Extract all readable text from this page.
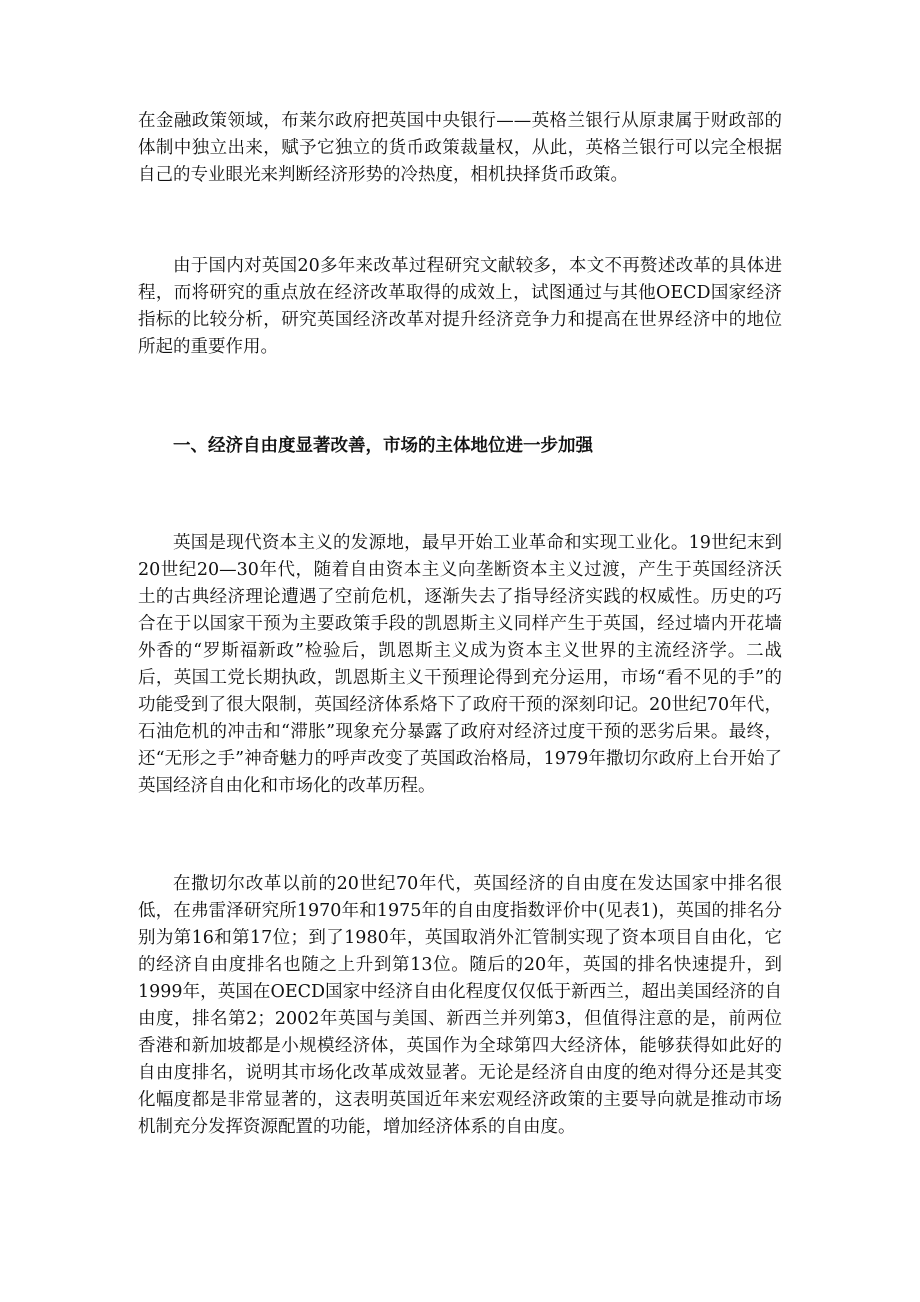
在金融政策领域，布莱尔政府把英国中央银行——英格兰银行从原隶属于财政部的体制中独立出来，赋予它独立的货币政策裁量权，从此，英格兰银行可以完全根据自己的专业眼光来判断经济形势的冷热度，相机抉择货币政策。

由于国内对英国20多年来改革过程研究文献较多，本文不再赘述改革的具体进程，而将研究的重点放在经济改革取得的成效上，试图通过与其他OECD国家经济指标的比较分析，研究英国经济改革对提升经济竞争力和提高在世界经济中的地位所起的重要作用。

一、经济自由度显著改善，市场的主体地位进一步加强

英国是现代资本主义的发源地，最早开始工业革命和实现工业化。19世纪末到20世纪20—30年代，随着自由资本主义向垄断资本主义过渡，产生于英国经济沃土的古典经济理论遭遇了空前危机，逐渐失去了指导经济实践的权威性。历史的巧合在于以国家干预为主要政策手段的凯恩斯主义同样产生于英国，经过墙内开花墙外香的“罗斯福新政”检验后，凯恩斯主义成为资本主义世界的主流经济学。二战后，英国工党长期执政，凯恩斯主义干预理论得到充分运用，市场“看不见的手”的功能受到了很大限制，英国经济体系烙下了政府干预的深刻印记。20世纪70年代，石油危机的冲击和“滞胀”现象充分暴露了政府对经济过度干预的恶劣后果。最终，还“无形之手”神奇魅力的呼声改变了英国政治格局，1979年撒切尔政府上台开始了英国经济自由化和市场化的改革历程。

在撒切尔改革以前的20世纪70年代，英国经济的自由度在发达国家中排名很低，在弗雷泽研究所1970年和1975年的自由度指数评价中(见表1)，英国的排名分别为第16和第17位；到了1980年，英国取消外汇管制实现了资本项目自由化，它的经济自由度排名也随之上升到第13位。随后的20年，英国的排名快速提升，到1999年，英国在OECD国家中经济自由化程度仅仅低于新西兰，超出美国经济的自由度，排名第2；2002年英国与美国、新西兰并列第3，但值得注意的是，前两位香港和新加坡都是小规模经济体，英国作为全球第四大经济体，能够获得如此好的自由度排名，说明其市场化改革成效显著。无论是经济自由度的绝对得分还是其变化幅度都是非常显著的，这表明英国近年来宏观经济政策的主要导向就是推动市场机制充分发挥资源配置的功能，增加经济体系的自由度。
